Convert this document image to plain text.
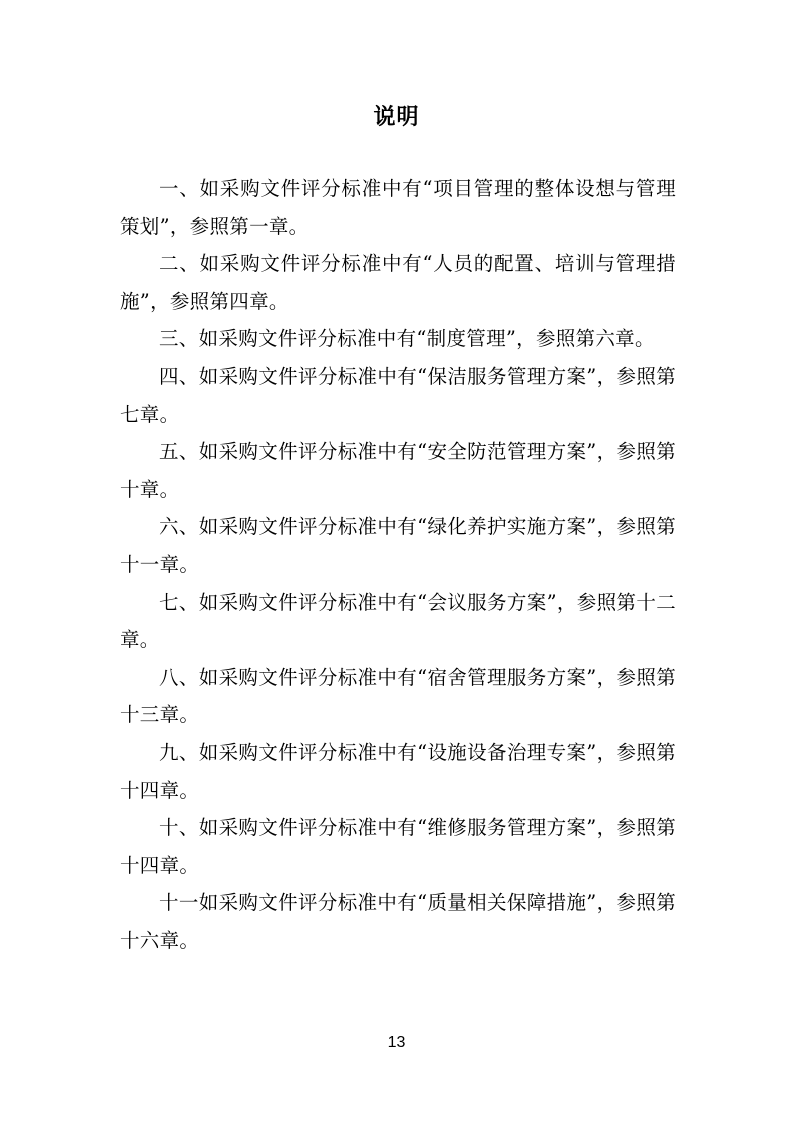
说明

一、如采购文件评分标准中有“项目管理的整体设想与管理策划”，参照第一章。

二、如采购文件评分标准中有“人员的配置、培训与管理措施”，参照第四章。

三、如采购文件评分标准中有“制度管理”，参照第六章。

四、如采购文件评分标准中有“保洁服务管理方案”，参照第七章。

五、如采购文件评分标准中有“安全防范管理方案”，参照第十章。

六、如采购文件评分标准中有“绿化养护实施方案”，参照第十一章。

七、如采购文件评分标准中有“会议服务方案”，参照第十二章。

八、如采购文件评分标准中有“宿舍管理服务方案”，参照第十三章。

九、如采购文件评分标准中有“设施设备治理专案”，参照第十四章。

十、如采购文件评分标准中有“维修服务管理方案”，参照第十四章。

十一如采购文件评分标准中有“质量相关保障措施”，参照第十六章。

13
